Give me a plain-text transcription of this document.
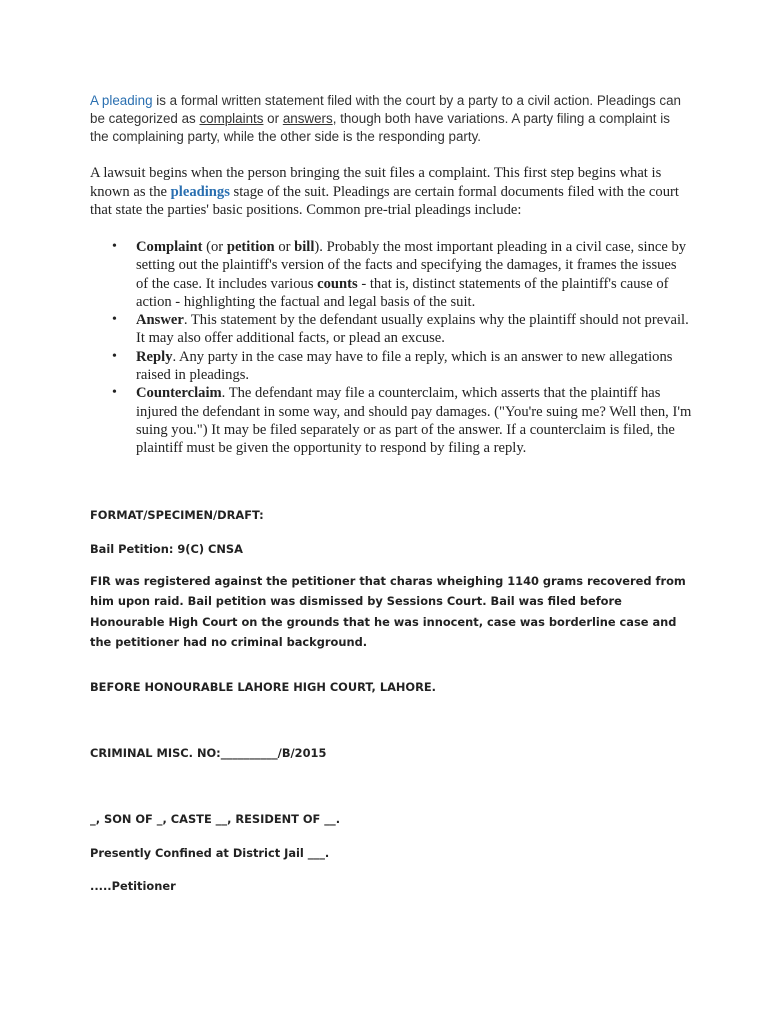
A pleading is a formal written statement filed with the court by a party to a civil action. Pleadings can be categorized as complaints or answers, though both have variations. A party filing a complaint is the complaining party, while the other side is the responding party.

A lawsuit begins when the person bringing the suit files a complaint. This first step begins what is known as the pleadings stage of the suit. Pleadings are certain formal documents filed with the court that state the parties' basic positions. Common pre-trial pleadings include:

• Complaint (or petition or bill). Probably the most important pleading in a civil case, since by setting out the plaintiff's version of the facts and specifying the damages, it frames the issues of the case. It includes various counts - that is, distinct statements of the plaintiff's cause of action - highlighting the factual and legal basis of the suit.
• Answer. This statement by the defendant usually explains why the plaintiff should not prevail. It may also offer additional facts, or plead an excuse.
• Reply. Any party in the case may have to file a reply, which is an answer to new allegations raised in pleadings.
• Counterclaim. The defendant may file a counterclaim, which asserts that the plaintiff has injured the defendant in some way, and should pay damages. ("You're suing me? Well then, I'm suing you.") It may be filed separately or as part of the answer. If a counterclaim is filed, the plaintiff must be given the opportunity to respond by filing a reply.
FORMAT/SPECIMEN/DRAFT:
Bail Petition: 9(C) CNSA
FIR was registered against the petitioner that charas wheighing 1140 grams recovered from him upon raid. Bail petition was dismissed by Sessions Court. Bail was filed before Honourable High Court on the grounds that he was innocent, case was borderline case and the petitioner had no criminal background.
BEFORE HONOURABLE LAHORE HIGH COURT, LAHORE.
CRIMINAL MISC. NO:__________/B/2015
_, SON OF _, CASTE __, RESIDENT OF __.
Presently Confined at District Jail ___.
.....Petitioner
